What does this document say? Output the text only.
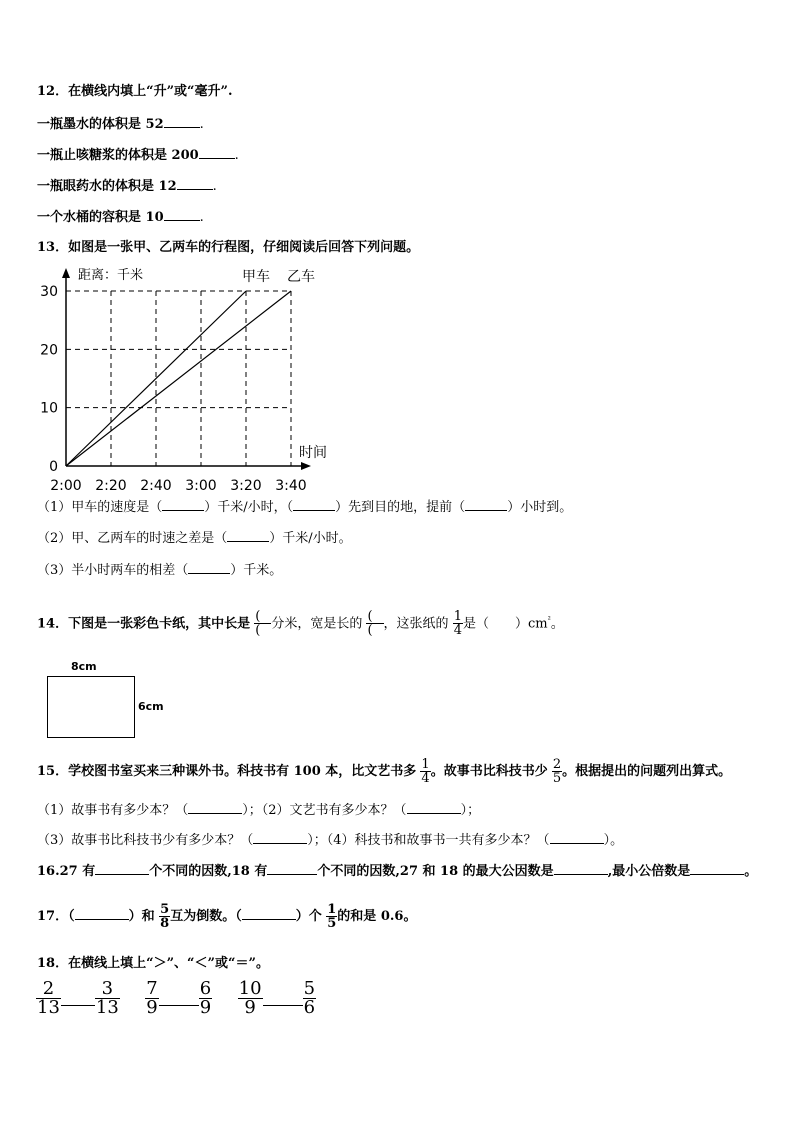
12．在横线内填上“升”或“毫升”.
一瓶墨水的体积是 52	.
一瓶止咳糖浆的体积是 200	.
一瓶眼药水的体积是 12	.
一个水桶的容积是 10	.
13．如图是一张甲、乙两车的行程图，仔细阅读后回答下列问题。
0
10
20
30
2:00 2:20 2:40 3:00 3:20 3:40
距离：千米
时间
甲车 乙车
（1）甲车的速度是（	）千米/小时，（	）先到目的地，提前（	）小时到。
（2）甲、乙两车的时速之差是（	）千米/小时。
（3）半小时两车的相差（	）千米。
14．下图是一张彩色卡纸，其中长是 $\frac{(}{(}$ 分米，宽是长的 $\frac{(}{(}$ ，这张纸的 $\frac{1}{4}$ 是（ ）$cm^{^2}$。
8cm
6cm
15．学校图书室买来三种课外书。科技书有 100 本，比文艺书多 $\frac{1}{4}$ 。故事书比科技书少 $\frac{2}{5}$ 。根据提出的问题列出算式。
（1）故事书有多少本？（	）；（2）文艺书有多少本？（	）；
（3）故事书比科技书少有多少本？（	）；（4）科技书和故事书一共有多少本？（	）。
16.27 有	个不同的因数,18 有	个不同的因数,27 和 18 的最大公因数是	,最小公倍数是	。
17．（	）和 $\frac{5}{8}$ 互为倒数。（	）个 $\frac{1}{5}$ 的和是 0.6。
18．在横线上填上“＞”、“＜”或“＝”。
$\frac{2}{13} \frac{3}{13}$
$\frac{7}{9} \frac{6}{9}$
$\frac{10}{9} \frac{5}{6}$
